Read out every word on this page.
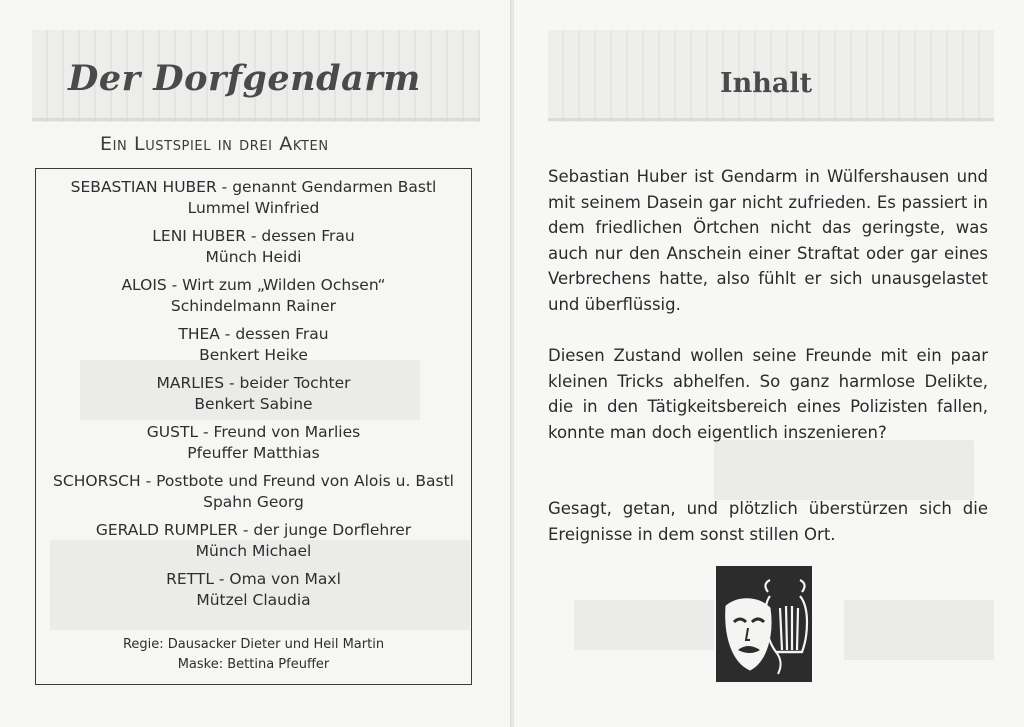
Der Dorfgendarm
Ein Lustspiel in drei Akten
SEBASTIAN HUBER - genannt Gendarmen Bastl
Lummel Winfried
LENI HUBER - dessen Frau
Münch Heidi
ALOIS - Wirt zum „Wilden Ochsen“
Schindelmann Rainer
THEA - dessen Frau
Benkert Heike
MARLIES - beider Tochter
Benkert Sabine
GUSTL - Freund von Marlies
Pfeuffer Matthias
SCHORSCH - Postbote und Freund von Alois u. Bastl
Spahn Georg
GERALD RUMPLER - der junge Dorflehrer
Münch Michael
RETTL - Oma von Maxl
Mützel Claudia
Regie: Dausacker Dieter und Heil Martin
Maske: Bettina Pfeuffer
Inhalt

Sebastian Huber ist Gendarm in Wülfershausen und mit seinem Dasein gar nicht zufrieden. Es passiert in dem friedlichen Örtchen nicht das geringste, was auch nur den Anschein einer Straftat oder gar eines Verbrechens hatte, also fühlt er sich unausgelastet und überflüssig.

Diesen Zustand wollen seine Freunde mit ein paar kleinen Tricks abhelfen. So ganz harmlose Delikte, die in den Tätigkeitsbereich eines Polizisten fallen, konnte man doch eigentlich inszenieren?

Gesagt, getan, und plötzlich überstürzen sich die Ereignisse in dem sonst stillen Ort.
